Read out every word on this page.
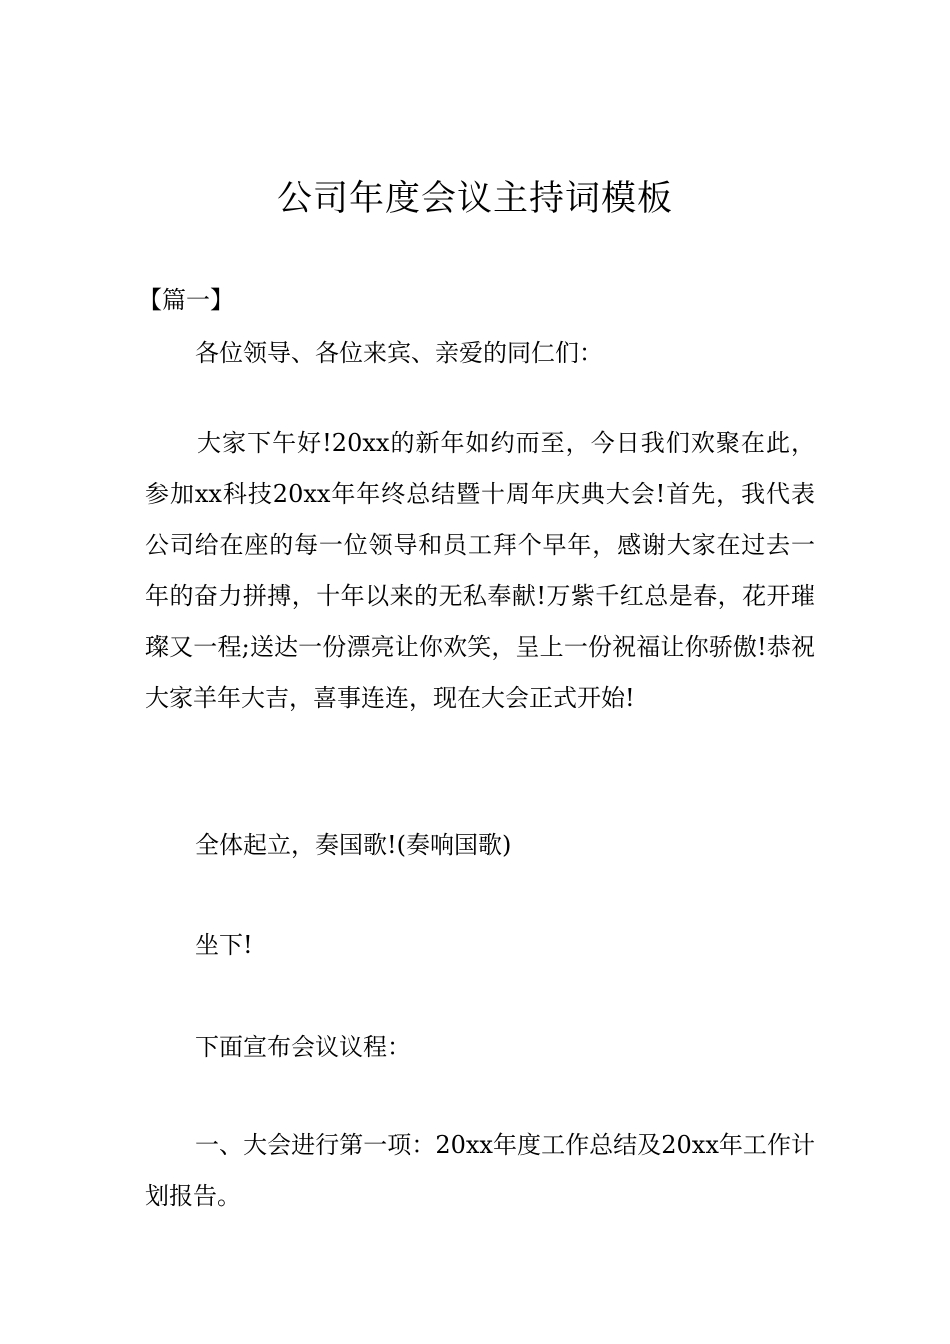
公司年度会议主持词模板

【篇一】

各位领导、各位来宾、亲爱的同仁们：

大家下午好!20xx的新年如约而至，今日我们欢聚在此，参加xx科技20xx年年终总结暨十周年庆典大会!首先，我代表公司给在座的每一位领导和员工拜个早年，感谢大家在过去一年的奋力拼搏，十年以来的无私奉献!万紫千红总是春，花开璀璨又一程;送达一份漂亮让你欢笑，呈上一份祝福让你骄傲!恭祝大家羊年大吉，喜事连连，现在大会正式开始!

全体起立，奏国歌!(奏响国歌)

坐下!

下面宣布会议议程：

一、大会进行第一项：20xx年度工作总结及20xx年工作计划报告。
